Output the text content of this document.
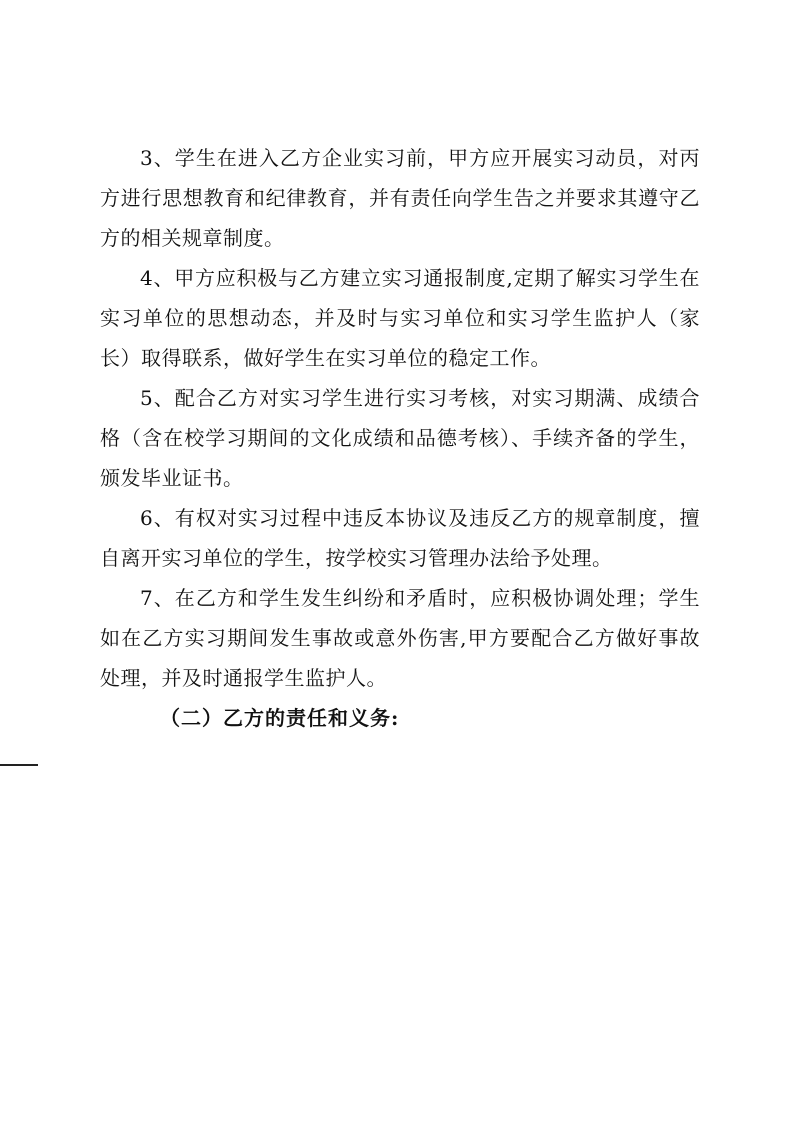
3、学生在进入乙方企业实习前，甲方应开展实习动员，对丙方进行思想教育和纪律教育，并有责任向学生告之并要求其遵守乙方的相关规章制度。

4、甲方应积极与乙方建立实习通报制度,定期了解实习学生在实习单位的思想动态，并及时与实习单位和实习学生监护人（家长）取得联系，做好学生在实习单位的稳定工作。

5、配合乙方对实习学生进行实习考核，对实习期满、成绩合格（含在校学习期间的文化成绩和品德考核）、手续齐备的学生，颁发毕业证书。

6、有权对实习过程中违反本协议及违反乙方的规章制度，擅自离开实习单位的学生，按学校实习管理办法给予处理。

7、在乙方和学生发生纠纷和矛盾时，应积极协调处理；学生如在乙方实习期间发生事故或意外伤害,甲方要配合乙方做好事故处理，并及时通报学生监护人。

（二）乙方的责任和义务:
